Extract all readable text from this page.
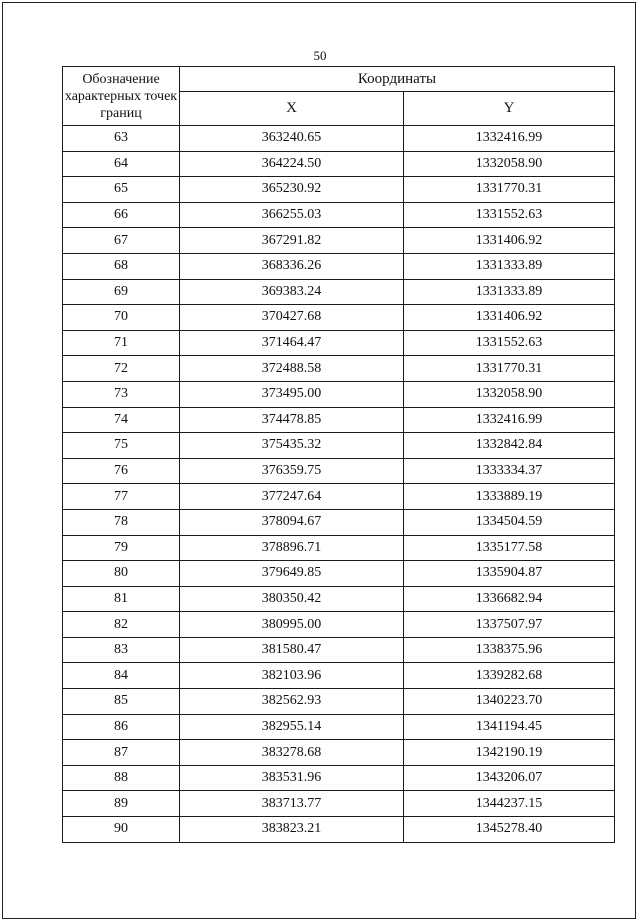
50
Обозначение характерных точек границ	Координаты	
	X	Y
63	363240.65	1332416.99
64	364224.50	1332058.90
65	365230.92	1331770.31
66	366255.03	1331552.63
67	367291.82	1331406.92
68	368336.26	1331333.89
69	369383.24	1331333.89
70	370427.68	1331406.92
71	371464.47	1331552.63
72	372488.58	1331770.31
73	373495.00	1332058.90
74	374478.85	1332416.99
75	375435.32	1332842.84
76	376359.75	1333334.37
77	377247.64	1333889.19
78	378094.67	1334504.59
79	378896.71	1335177.58
80	379649.85	1335904.87
81	380350.42	1336682.94
82	380995.00	1337507.97
83	381580.47	1338375.96
84	382103.96	1339282.68
85	382562.93	1340223.70
86	382955.14	1341194.45
87	383278.68	1342190.19
88	383531.96	1343206.07
89	383713.77	1344237.15
90	383823.21	1345278.40
